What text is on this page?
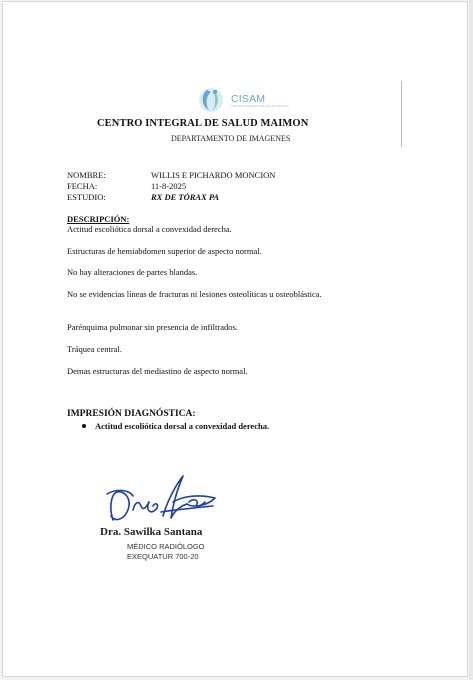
CISAM
CENTRO INTEGRAL DE SALUD MAIMON
CENTRO INTEGRAL DE SALUD MAIMON
DEPARTAMENTO DE IMAGENES
NOMBRE:	WILLIS E PICHARDO MONCION
FECHA:	11-8-2025
ESTUDIO:	RX DE TÓRAX PA
DESCRIPCIÓN:
Actitud escoliótica dorsal a convexidad derecha.
Estructuras de hemiabdomen superior de aspecto normal.
No hay alteraciones de partes blandas.
No se evidencias líneas de fracturas ni lesiones osteolíticas u osteoblástica.
Parénquima pulmonar sin presencia de infiltrados.
Tráquea central.
Demas estructuras del mediastino de aspecto normal.
IMPRESIÓN DIAGNÓSTICA:
Actitud escoliótica dorsal a convexidad derecha.
Dra. Sawilka Santana
MÉDICO RADIÓLOGO
EXEQUATUR 700-20
